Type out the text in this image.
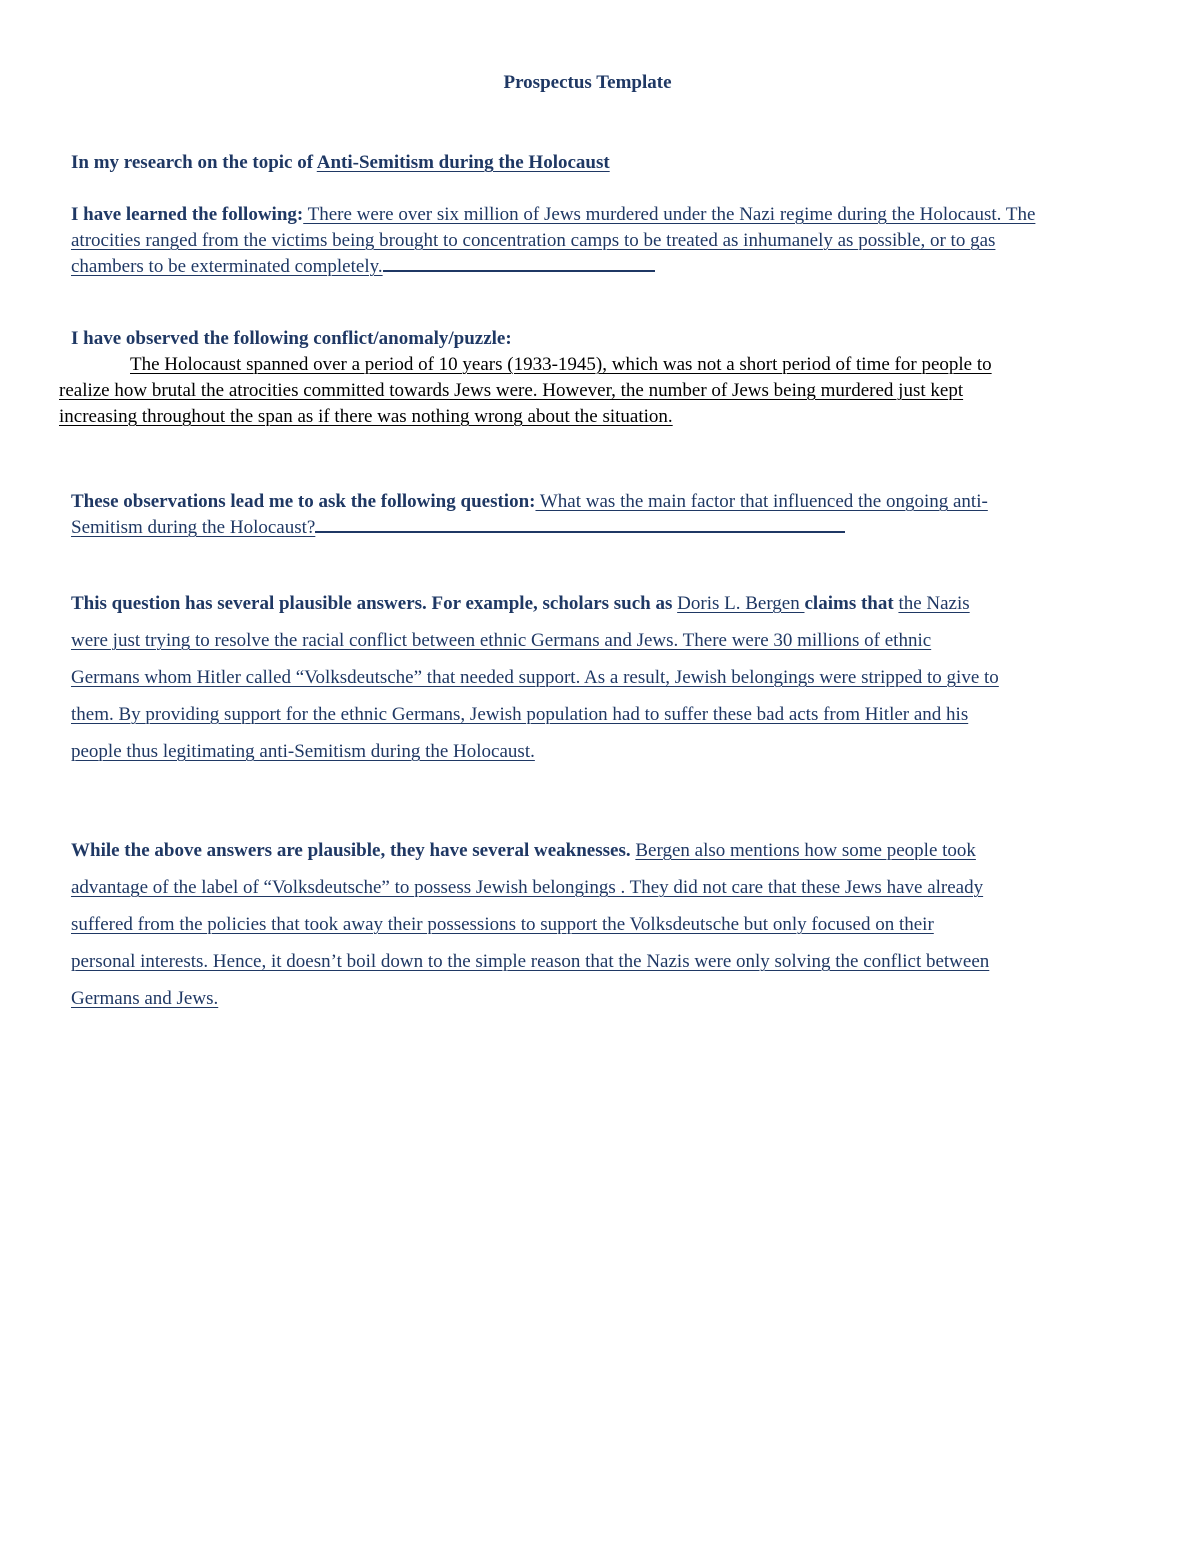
Prospectus Template
In my research on the topic of Anti-Semitism during the Holocaust
I have learned the following: There were over six million of Jews murdered under the Nazi regime during the Holocaust. The atrocities ranged from the victims being brought to concentration camps to be treated as inhumanely as possible, or to gas chambers to be exterminated completely.
I have observed the following conflict/anomaly/puzzle:
The Holocaust spanned over a period of 10 years (1933-1945), which was not a short period of time for people to realize how brutal the atrocities committed towards Jews were. However, the number of Jews being murdered just kept increasing throughout the span as if there was nothing wrong about the situation.
These observations lead me to ask the following question: What was the main factor that influenced the ongoing anti-Semitism during the Holocaust?
This question has several plausible answers. For example, scholars such as Doris L. Bergen claims that the Nazis were just trying to resolve the racial conflict between ethnic Germans and Jews. There were 30 millions of ethnic Germans whom Hitler called “Volksdeutsche” that needed support. As a result, Jewish belongings were stripped to give to them. By providing support for the ethnic Germans, Jewish population had to suffer these bad acts from Hitler and his people thus legitimating anti-Semitism during the Holocaust.
While the above answers are plausible, they have several weaknesses. Bergen also mentions how some people took advantage of the label of “Volksdeutsche” to possess Jewish belongings . They did not care that these Jews have already suffered from the policies that took away their possessions to support the Volksdeutsche but only focused on their personal interests. Hence, it doesn’t boil down to the simple reason that the Nazis were only solving the conflict between Germans and Jews.
